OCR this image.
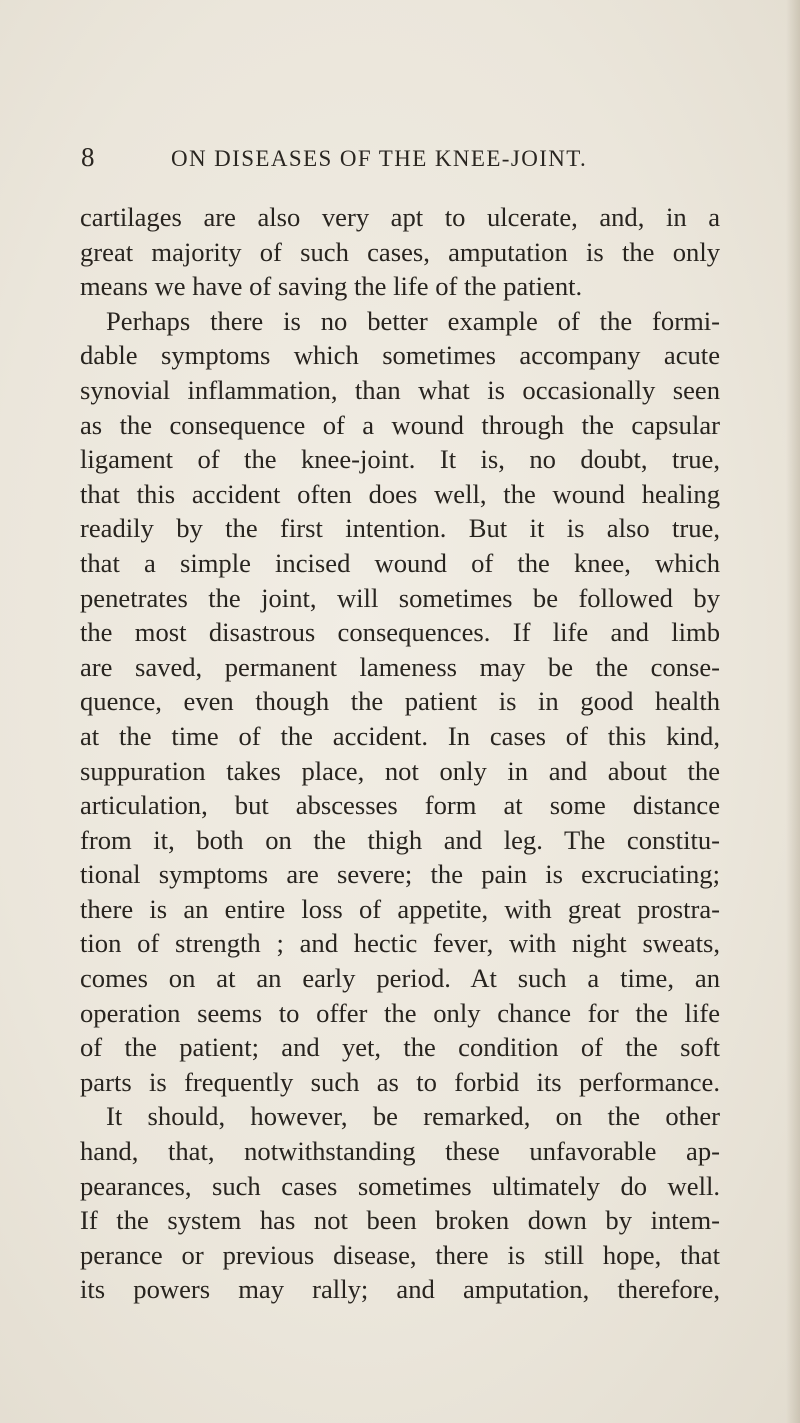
8	ON DISEASES OF THE KNEE-JOINT.
cartilages are also very apt to ulcerate, and, in a
great majority of such cases, amputation is the only
means we have of saving the life of the patient.
Perhaps there is no better example of the formi-
dable symptoms which sometimes accompany acute
synovial inflammation, than what is occasionally seen
as the consequence of a wound through the capsular
ligament of the knee-joint. It is, no doubt, true,
that this accident often does well, the wound healing
readily by the first intention. But it is also true,
that a simple incised wound of the knee, which
penetrates the joint, will sometimes be followed by
the most disastrous consequences. If life and limb
are saved, permanent lameness may be the conse-
quence, even though the patient is in good health
at the time of the accident. In cases of this kind,
suppuration takes place, not only in and about the
articulation, but abscesses form at some distance
from it, both on the thigh and leg. The constitu-
tional symptoms are severe; the pain is excruciating;
there is an entire loss of appetite, with great prostra-
tion of strength ; and hectic fever, with night sweats,
comes on at an early period. At such a time, an
operation seems to offer the only chance for the life
of the patient; and yet, the condition of the soft
parts is frequently such as to forbid its performance.
It should, however, be remarked, on the other
hand, that, notwithstanding these unfavorable ap-
pearances, such cases sometimes ultimately do well.
If the system has not been broken down by intem-
perance or previous disease, there is still hope, that
its powers may rally; and amputation, therefore,
